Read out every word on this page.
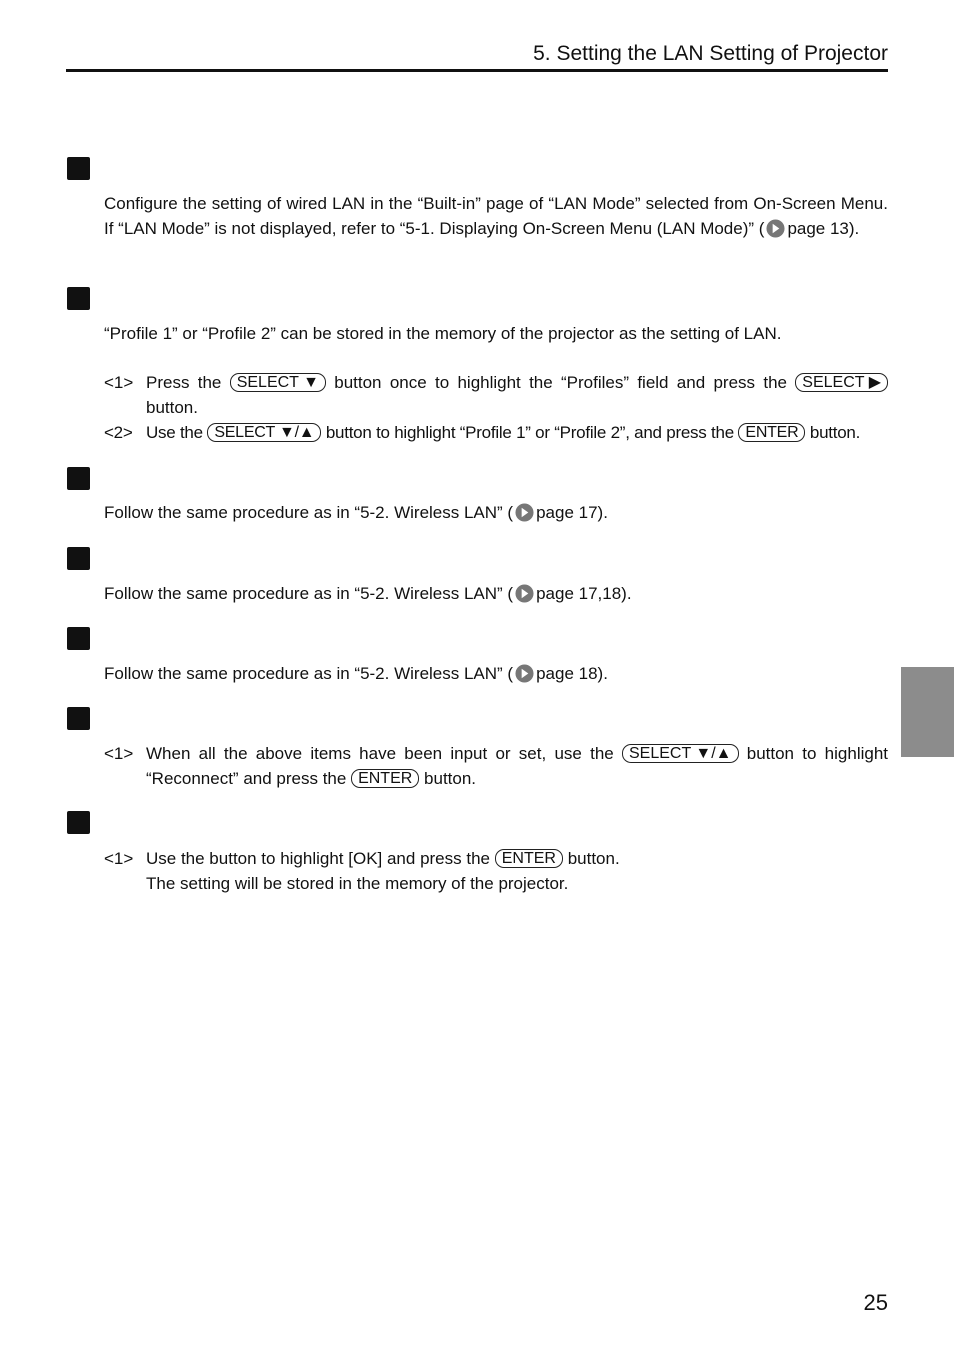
5. Setting the LAN Setting of Projector
Configure the setting of wired LAN in the “Built-in” page of “LAN Mode” selected from On-Screen Menu. If “LAN Mode” is not displayed, refer to “5-1. Displaying On-Screen Menu (LAN Mode)” ( page 13).
“Profile 1” or “Profile 2” can be stored in the memory of the projector as the setting of LAN.
<1> Press the SELECT ▼ button once to highlight the “Profiles” field and press the SELECT ▶ button.
<2> Use the SELECT ▼/▲ button to highlight “Profile 1” or “Profile 2”, and press the ENTER button.
Follow the same procedure as in “5-2. Wireless LAN” ( page 17).
Follow the same procedure as in “5-2. Wireless LAN” ( page 17,18).
Follow the same procedure as in “5-2. Wireless LAN” ( page 18).
<1> When all the above items have been input or set, use the SELECT ▼/▲ button to highlight “Reconnect” and press the ENTER button.
<1> Use the button to highlight [OK] and press the ENTER button.
The setting will be stored in the memory of the projector.
25
